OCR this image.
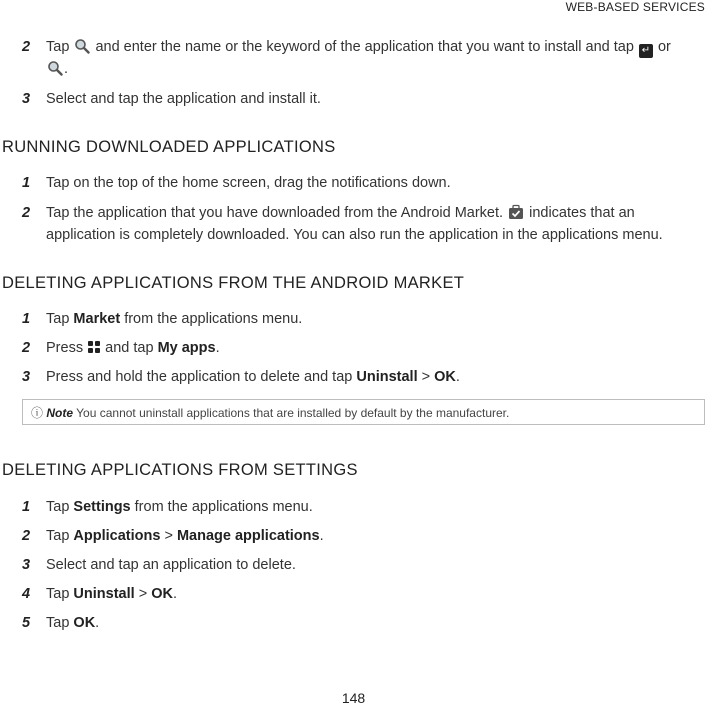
WEB-BASED SERVICES
2	Tap and enter the name or the keyword of the application that you want to install and tap ↵ or
.
3	Select and tap the application and install it.
RUNNING DOWNLOADED APPLICATIONS
1	Tap on the top of the home screen, drag the notifications down.
2	Tap the application that you have downloaded from the Android Market. indicates that an application is completely downloaded. You can also run the application in the applications menu.
DELETING APPLICATIONS FROM THE ANDROID MARKET
1	Tap Market from the applications menu.
2	Press and tap My apps.
3	Press and hold the application to delete and tap Uninstall > OK.
ⓘ Note You cannot uninstall applications that are installed by default by the manufacturer.
DELETING APPLICATIONS FROM SETTINGS
1	Tap Settings from the applications menu.
2	Tap Applications > Manage applications.
3	Select and tap an application to delete.
4	Tap Uninstall > OK.
5	Tap OK.
148
